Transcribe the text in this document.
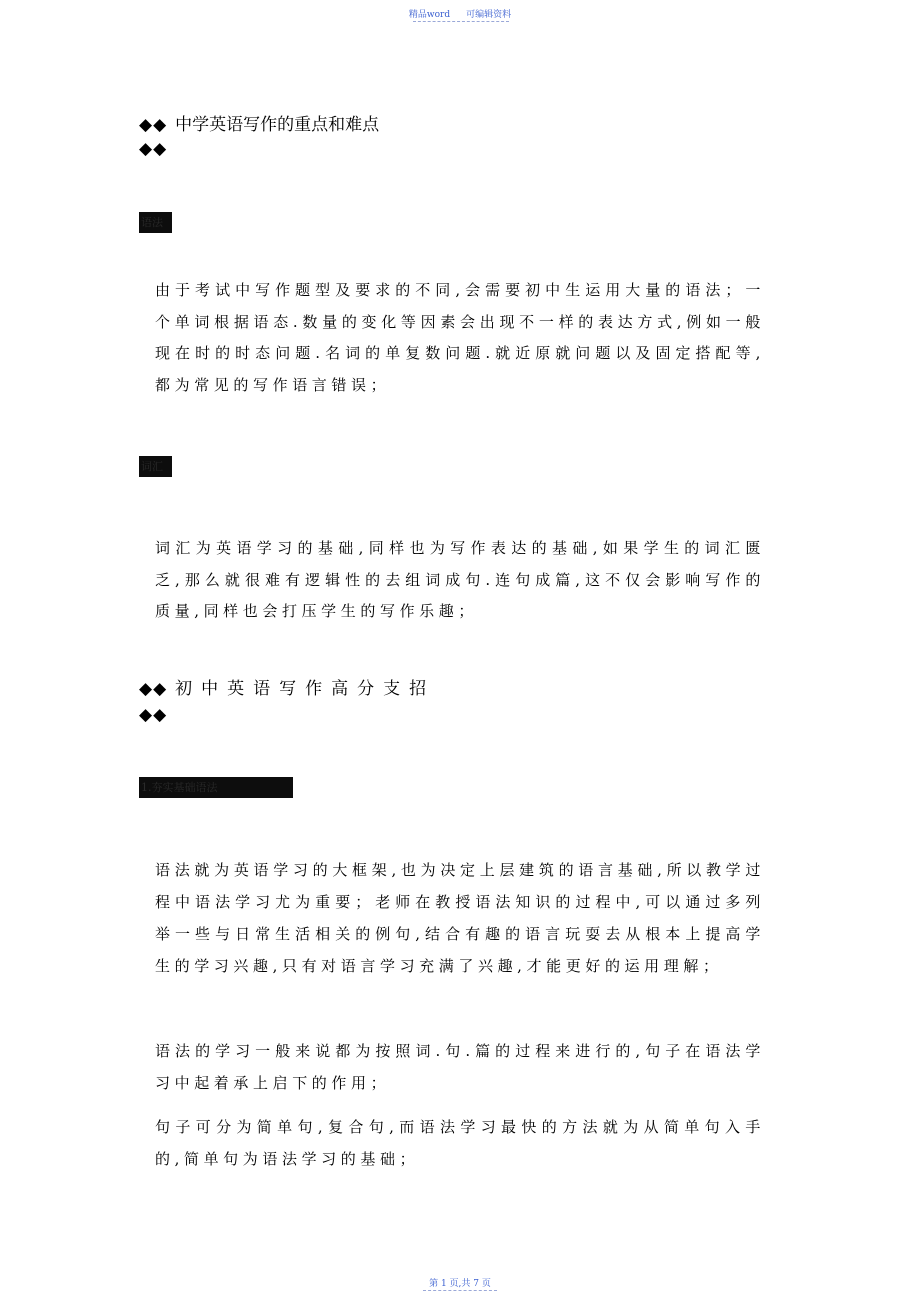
精品word 可编辑资料
◆◆ 中学英语写作的重点和难点
◆◆
语法
由于考试中写作题型及要求的不同,会需要初中生运用大量的语法；一个单词根据语态.数量的变化等因素会出现不一样的表达方式,例如一般现在时的时态问题.名词的单复数问题.就近原就问题以及固定搭配等,都为常见的写作语言错误；
词汇
词汇为英语学习的基础,同样也为写作表达的基础,如果学生的词汇匮乏,那么就很难有逻辑性的去组词成句.连句成篇,这不仅会影响写作的质量,同样也会打压学生的写作乐趣；
◆◆ 初中英语写作高分支招
◆◆
1.夯实基础语法
语法就为英语学习的大框架,也为决定上层建筑的语言基础,所以教学过程中语法学习尤为重要；老师在教授语法知识的过程中,可以通过多列举一些与日常生活相关的例句,结合有趣的语言玩耍去从根本上提高学生的学习兴趣,只有对语言学习充满了兴趣,才能更好的运用理解；
语法的学习一般来说都为按照词.句.篇的过程来进行的,句子在语法学习中起着承上启下的作用；
句子可分为简单句,复合句,而语法学习最快的方法就为从简单句入手的,简单句为语法学习的基础；
第 1 页,共 7 页
